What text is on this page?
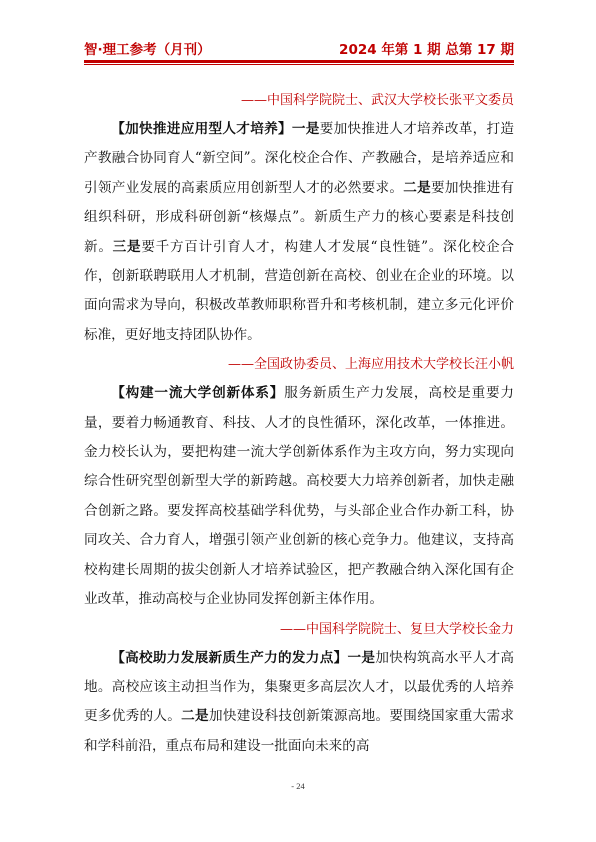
智·理工参考（月刊）	2024 年第 1 期 总第 17 期
——中国科学院院士、武汉大学校长张平文委员

【加快推进应用型人才培养】一是要加快推进人才培养改革，打造产教融合协同育人“新空间”。深化校企合作、产教融合，是培养适应和引领产业发展的高素质应用创新型人才的必然要求。二是要加快推进有组织科研，形成科研创新“核爆点”。新质生产力的核心要素是科技创新。三是要千方百计引育人才，构建人才发展“良性链”。深化校企合作，创新联聘联用人才机制，营造创新在高校、创业在企业的环境。以面向需求为导向，积极改革教师职称晋升和考核机制，建立多元化评价标准，更好地支持团队协作。

——全国政协委员、上海应用技术大学校长汪小帆

【构建一流大学创新体系】服务新质生产力发展，高校是重要力量，要着力畅通教育、科技、人才的良性循环，深化改革，一体推进。金力校长认为，要把构建一流大学创新体系作为主攻方向，努力实现向综合性研究型创新型大学的新跨越。高校要大力培养创新者，加快走融合创新之路。要发挥高校基础学科优势，与头部企业合作办新工科，协同攻关、合力育人，增强引领产业创新的核心竞争力。他建议，支持高校构建长周期的拔尖创新人才培养试验区，把产教融合纳入深化国有企业改革，推动高校与企业协同发挥创新主体作用。

——中国科学院院士、复旦大学校长金力

【高校助力发展新质生产力的发力点】一是加快构筑高水平人才高地。高校应该主动担当作为，集聚更多高层次人才，以最优秀的人培养更多优秀的人。二是加快建设科技创新策源高地。要围绕国家重大需求和学科前沿，重点布局和建设一批面向未来的高

- 24
